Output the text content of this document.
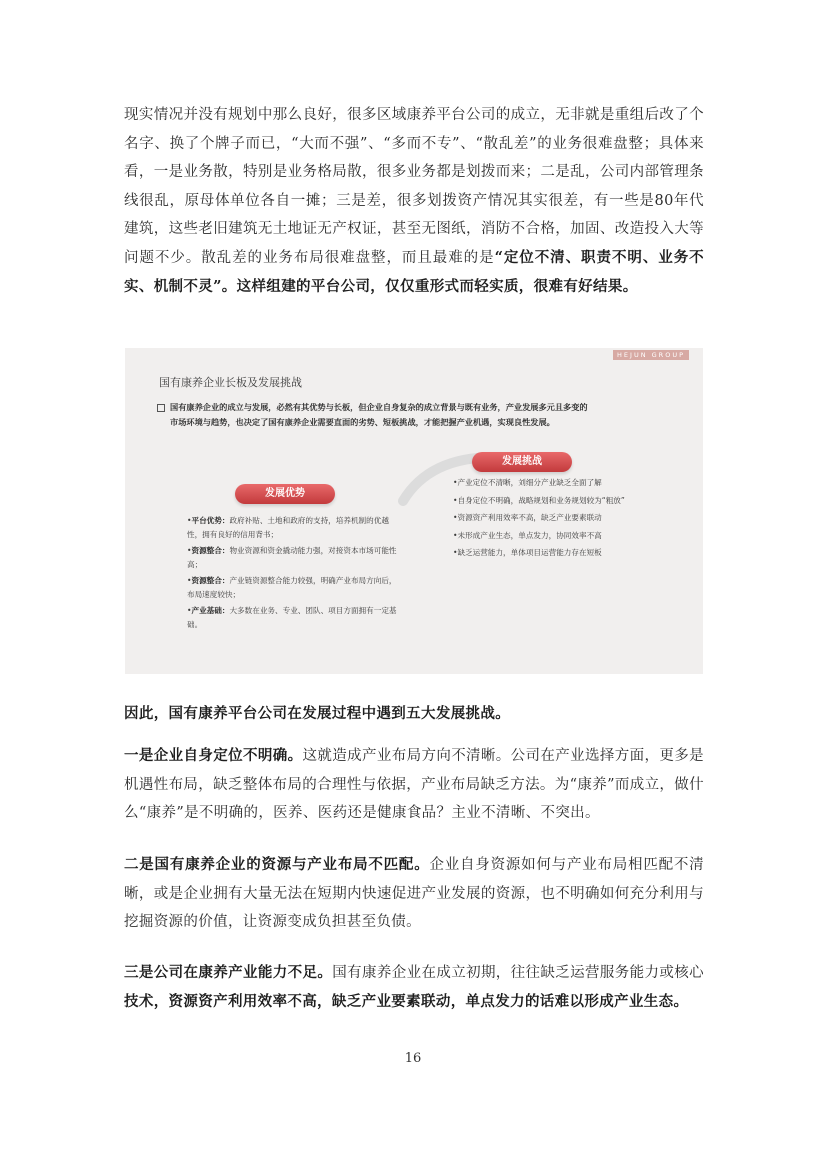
现实情况并没有规划中那么良好，很多区域康养平台公司的成立，无非就是重组后改了个名字、换了个牌子而已，“大而不强”、“多而不专”、“散乱差”的业务很难盘整；具体来看，一是业务散，特别是业务格局散，很多业务都是划拨而来；二是乱，公司内部管理条线很乱，原母体单位各自一摊；三是差，很多划拨资产情况其实很差，有一些是80年代建筑，这些老旧建筑无土地证无产权证，甚至无图纸，消防不合格，加固、改造投入大等问题不少。散乱差的业务布局很难盘整，而且最难的是“定位不清、职责不明、业务不实、机制不灵”。这样组建的平台公司，仅仅重形式而轻实质，很难有好结果。

HEJUN GROUP
国有康养企业长板及发展挑战
国有康养企业的成立与发展，必然有其优势与长板，但企业自身复杂的成立背景与既有业务，产业发展多元且多变的
市场环境与趋势，也决定了国有康养企业需要直面的劣势、短板挑战，才能把握产业机遇，实现良性发展。
发展挑战
发展优势
•平台优势：政府补贴、土地和政府的支持，培养机制的优越性，拥有良好的信用背书；
•资源整合：物业资源和资金撬动能力强，对接资本市场可能性高；
•资源整合：产业链资源整合能力较强，明确产业布局方向后，布局速度较快；
•产业基础：大多数在业务、专业、团队、项目方面拥有一定基础。
•产业定位不清晰，刘细分产业缺乏全面了解
•自身定位不明确，战略规划和业务规划较为“粗放”
•资源资产利用效率不高，缺乏产业要素联动
•未形成产业生态，单点发力，协同效率不高
•缺乏运营能力，单体项目运营能力存在短板

因此，国有康养平台公司在发展过程中遇到五大发展挑战。

一是企业自身定位不明确。这就造成产业布局方向不清晰。公司在产业选择方面，更多是机遇性布局，缺乏整体布局的合理性与依据，产业布局缺乏方法。为“康养”而成立，做什么“康养”是不明确的，医养、医药还是健康食品？主业不清晰、不突出。

二是国有康养企业的资源与产业布局不匹配。企业自身资源如何与产业布局相匹配不清晰，或是企业拥有大量无法在短期内快速促进产业发展的资源，也不明确如何充分利用与挖掘资源的价值，让资源变成负担甚至负债。

三是公司在康养产业能力不足。国有康养企业在成立初期，往往缺乏运营服务能力或核心技术，资源资产利用效率不高，缺乏产业要素联动，单点发力的话难以形成产业生态。

16
